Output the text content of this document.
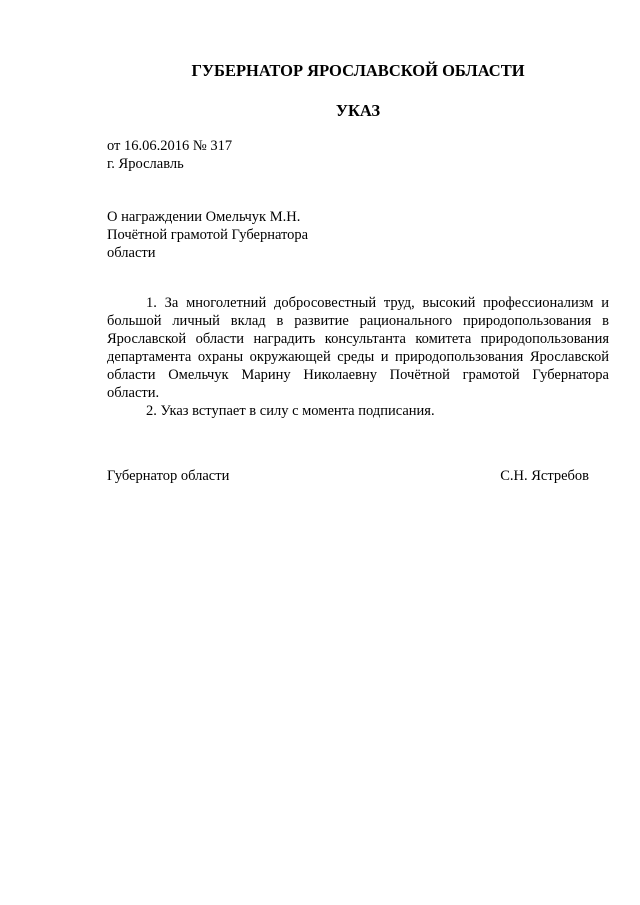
ГУБЕРНАТОР ЯРОСЛАВСКОЙ ОБЛАСТИ
УКАЗ

от 16.06.2016 № 317

г. Ярославль

О награждении Омельчук М.Н.
Почётной грамотой Губернатора
области

1. За многолетний добросовестный труд, высокий профессионализм и большой личный вклад в развитие рационального природопользования в Ярославской области наградить консультанта комитета природопользования департамента охраны окружающей среды и природопользования Ярославской области Омельчук Марину Николаевну Почётной грамотой Губернатора области.

2. Указ вступает в силу с момента подписания.

Губернатор области	С.Н. Ястребов
